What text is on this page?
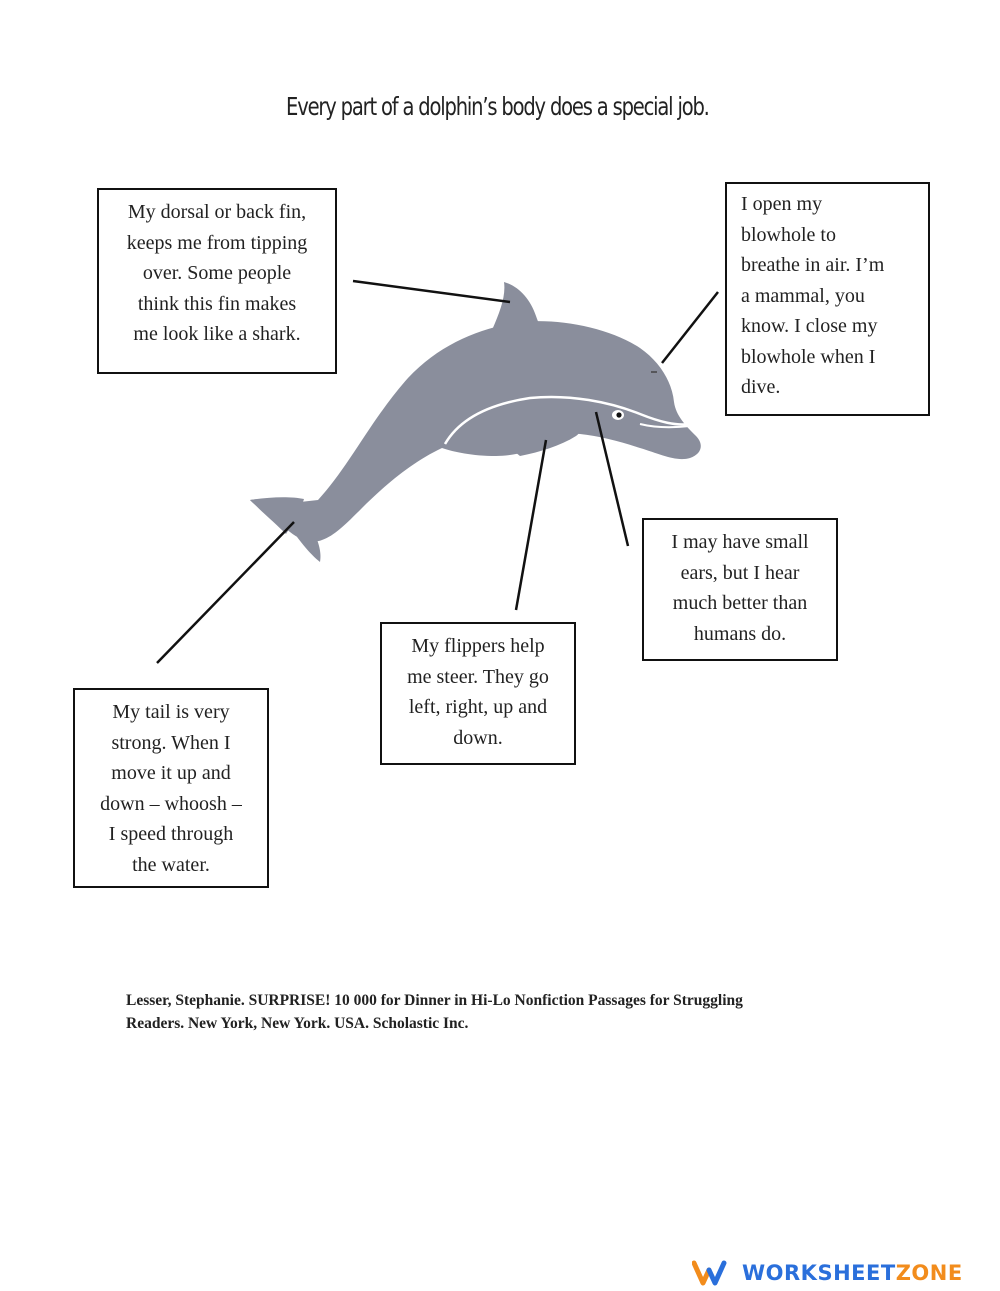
Every part of a dolphin’s body does a special job.
My dorsal or back fin,
keeps me from tipping
over. Some people
think this fin makes
me look like a shark.
I open my
blowhole to
breathe in air. I’m
a mammal, you
know. I close my
blowhole when I
dive.
I may have small
ears, but I hear
much better than
humans do.
My flippers help
me steer. They go
left, right, up and
down.
My tail is very
strong. When I
move it up and
down – whoosh –
I speed through
the water.
Lesser, Stephanie. SURPRISE! 10 000 for Dinner in Hi-Lo Nonfiction Passages for Struggling
Readers. New York, New York. USA. Scholastic Inc.
WORKSHEETZONE
